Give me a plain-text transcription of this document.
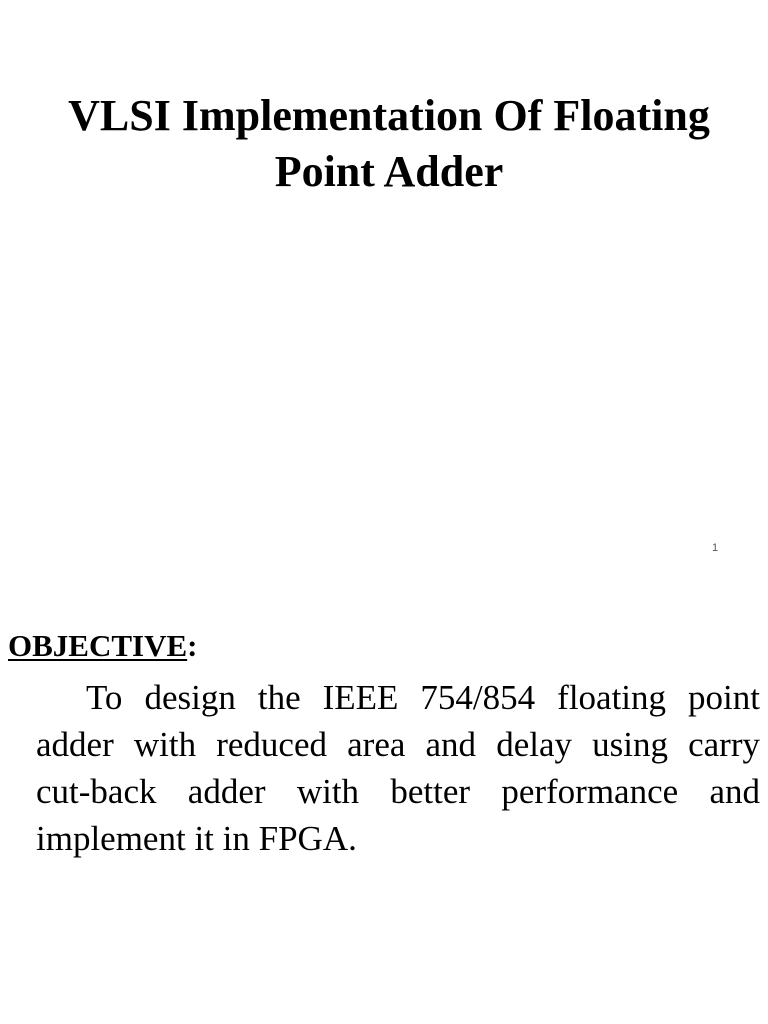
VLSI Implementation Of Floating
Point Adder
1
OBJECTIVE:
To design the IEEE 754/854 floating point
adder with reduced area and delay using carry
cut-back adder with better performance and
implement it in FPGA.
